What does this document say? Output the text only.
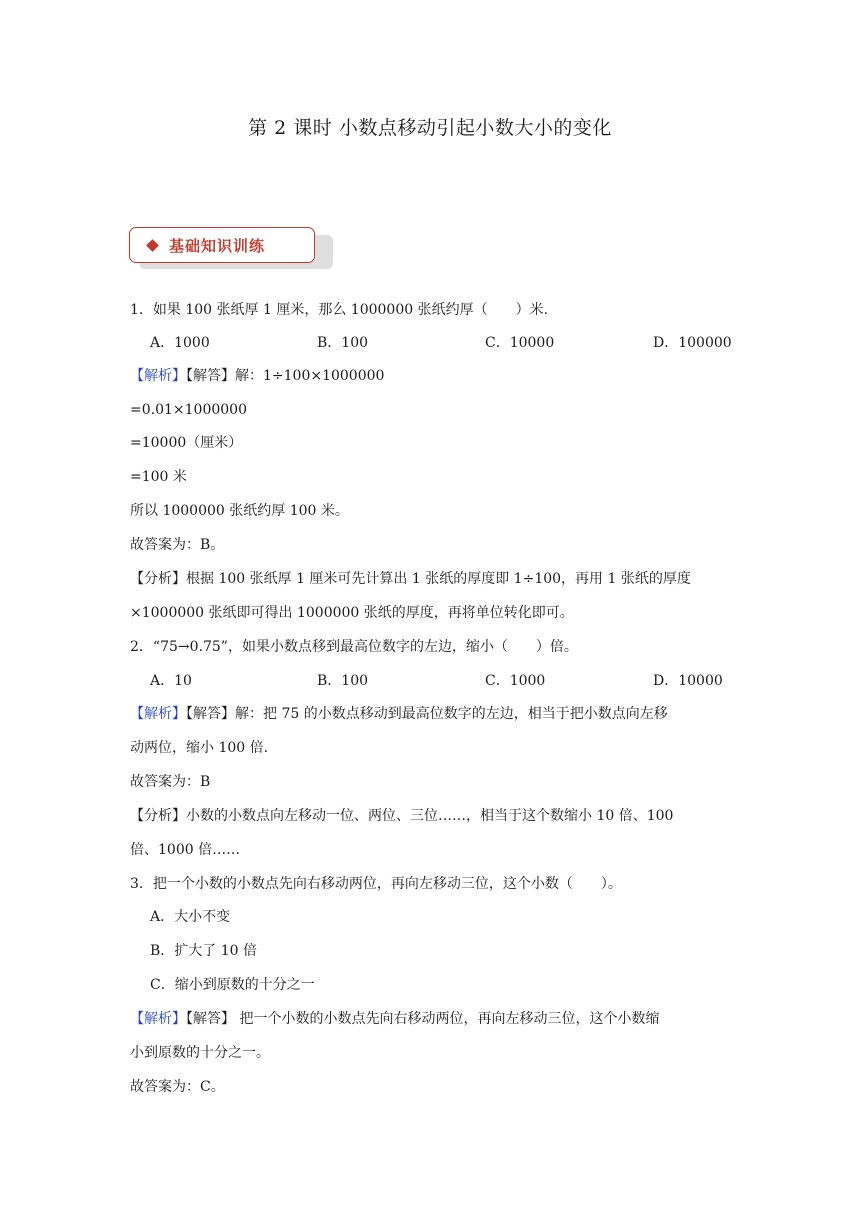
第 2 课时 小数点移动引起小数大小的变化
基础知识训练
1．如果 100 张纸厚 1 厘米，那么 1000000 张纸约厚（　　）米.
A．1000	B．100	C．10000	D．100000
【解析】【解答】解：1÷100×1000000
=0.01×1000000
=10000（厘米）
=100 米
所以 1000000 张纸约厚 100 米。
故答案为：B。
【分析】根据 100 张纸厚 1 厘米可先计算出 1 张纸的厚度即 1÷100，再用 1 张纸的厚度
×1000000 张纸即可得出 1000000 张纸的厚度，再将单位转化即可。
2．“75→0.75”，如果小数点移到最高位数字的左边，缩小（　　）倍。
A．10	B．100	C．1000	D．10000
【解析】【解答】解：把 75 的小数点移动到最高位数字的左边，相当于把小数点向左移
动两位，缩小 100 倍.
故答案为：B
【分析】小数的小数点向左移动一位、两位、三位……，相当于这个数缩小 10 倍、100
倍、1000 倍……
3．把一个小数的小数点先向右移动两位，再向左移动三位，这个小数（　　）。
A．大小不变
B．扩大了 10 倍
C．缩小到原数的十分之一
【解析】【解答】 把一个小数的小数点先向右移动两位，再向左移动三位，这个小数缩
小到原数的十分之一。
故答案为：C。
